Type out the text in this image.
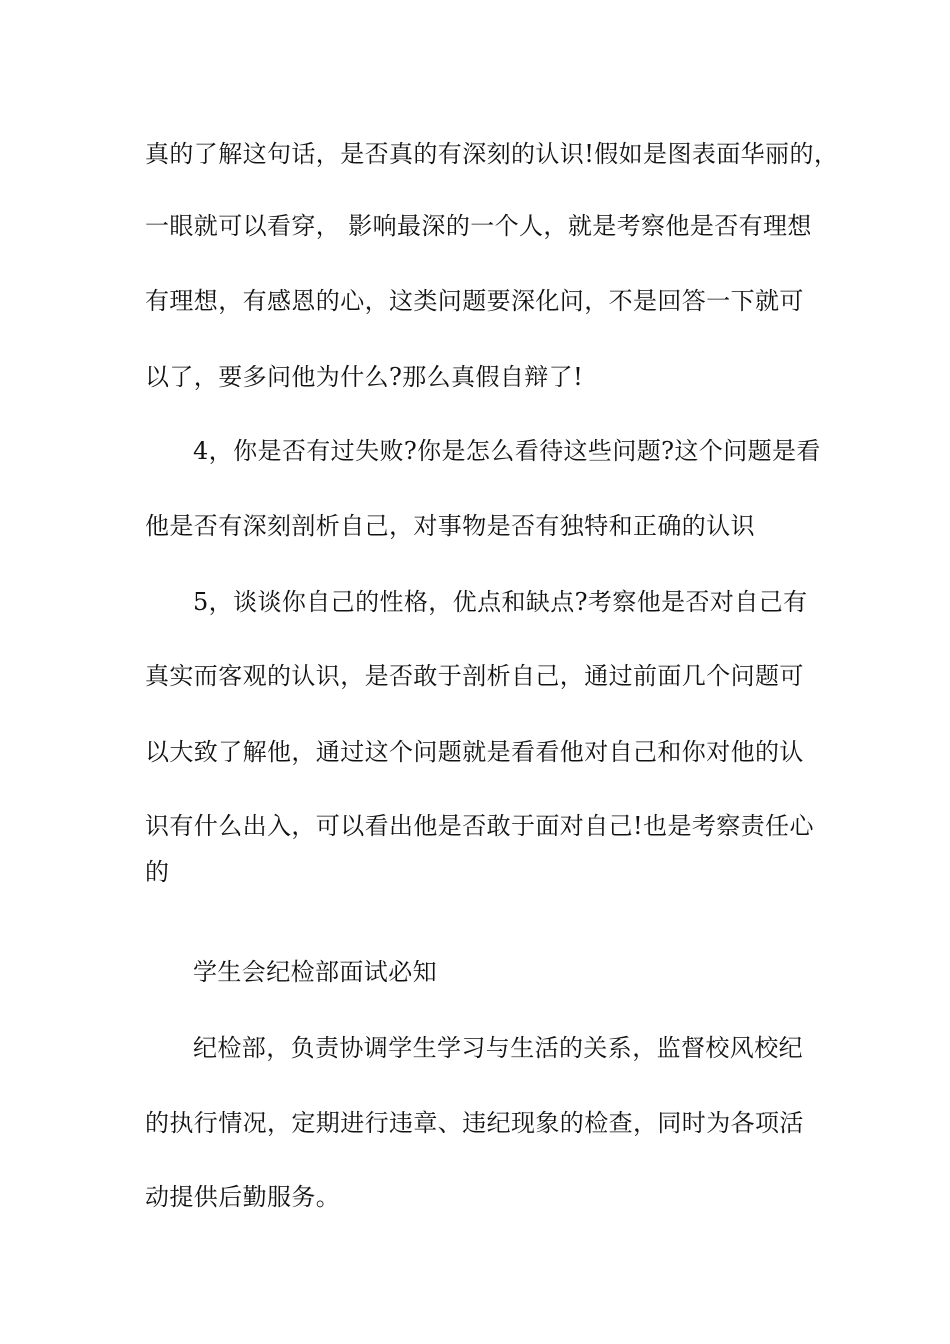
真的了解这句话，是否真的有深刻的认识!假如是图表面华丽的，
一眼就可以看穿， 影响最深的一个人，就是考察他是否有理想
有理想，有感恩的心，这类问题要深化问，不是回答一下就可
以了，要多问他为什么?那么真假自辩了!
4，你是否有过失败?你是怎么看待这些问题?这个问题是看
他是否有深刻剖析自己，对事物是否有独特和正确的认识
5，谈谈你自己的性格，优点和缺点?考察他是否对自己有
真实而客观的认识，是否敢于剖析自己，通过前面几个问题可
以大致了解他，通过这个问题就是看看他对自己和你对他的认
识有什么出入，可以看出他是否敢于面对自己!也是考察责任心
的
学生会纪检部面试必知
纪检部，负责协调学生学习与生活的关系，监督校风校纪
的执行情况，定期进行违章、违纪现象的检查，同时为各项活
动提供后勤服务。
